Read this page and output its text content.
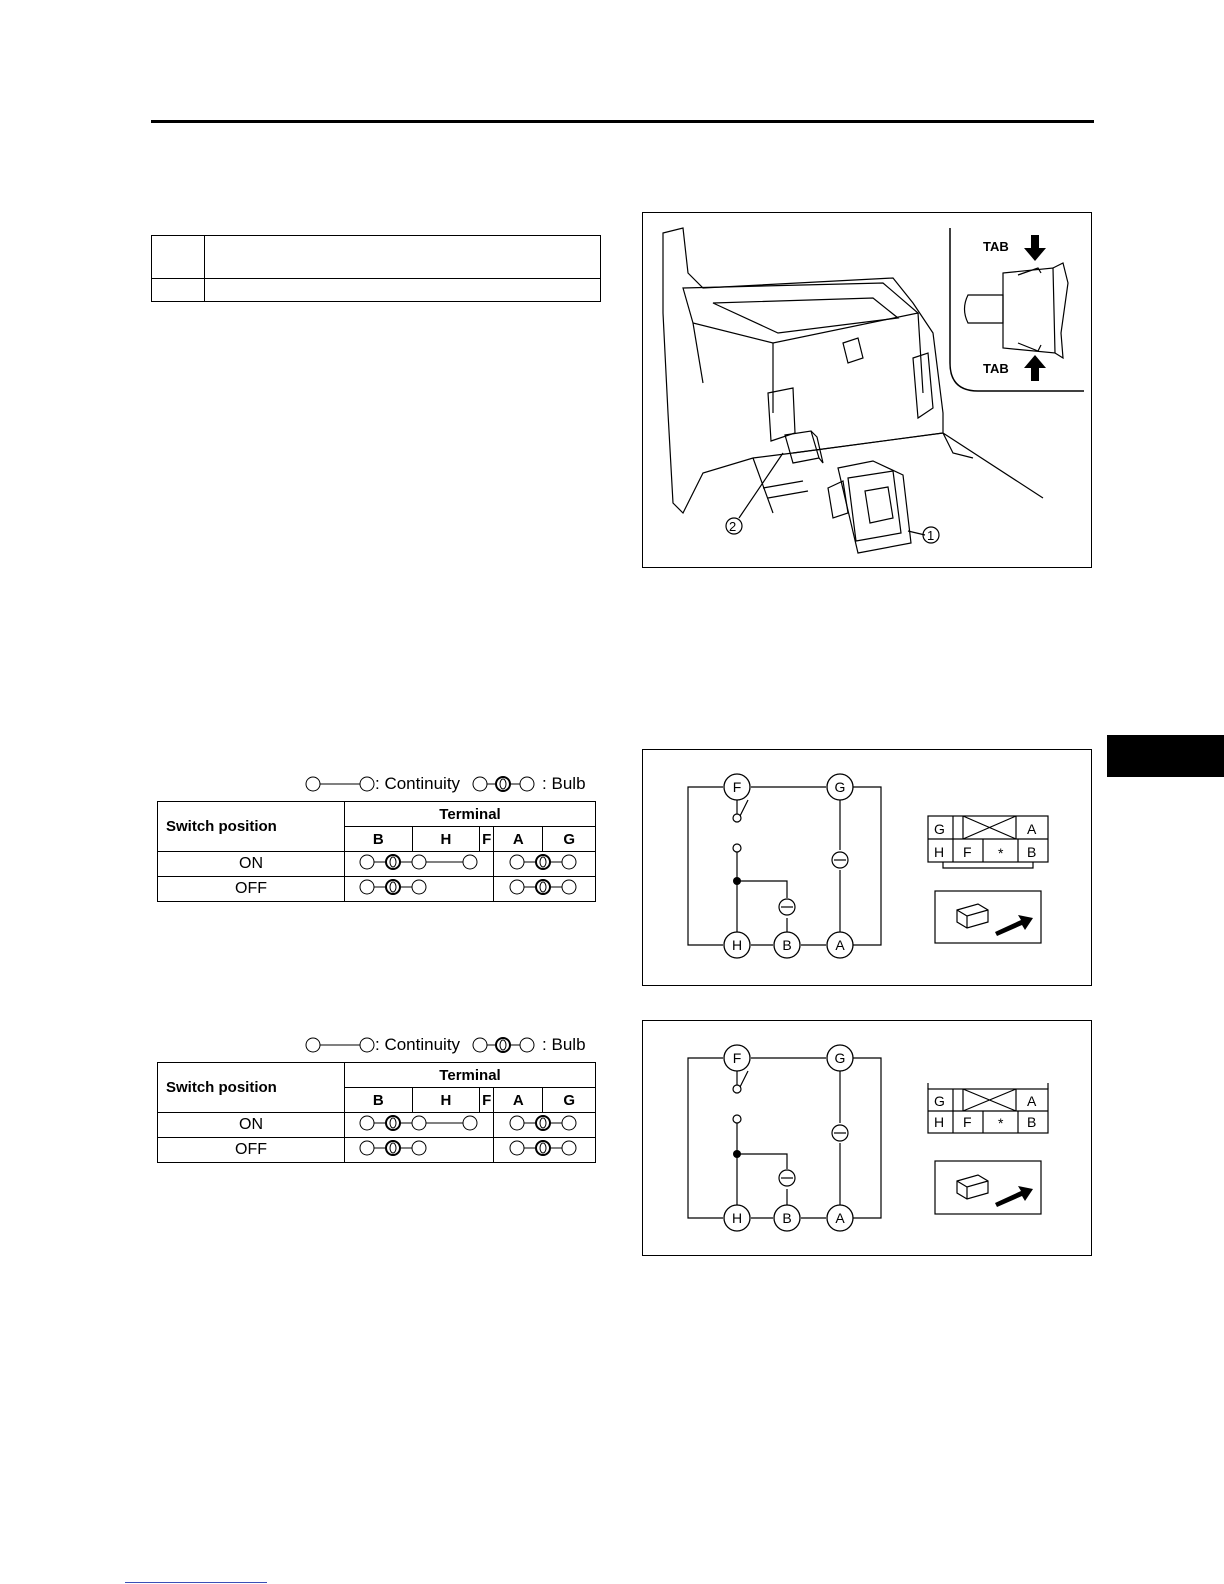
TAB
TAB
2
1
: Continuity	: Bulb
Switch position	Terminal				
	B	H	F	A	G
ON		
OFF			
F	G
H	B	A
G	A
H F * B
: Continuity	: Bulb
Switch position	Terminal				
	B	H	F	A	G
ON		
OFF			
F	G
H	B	A
G	A
H F * B
